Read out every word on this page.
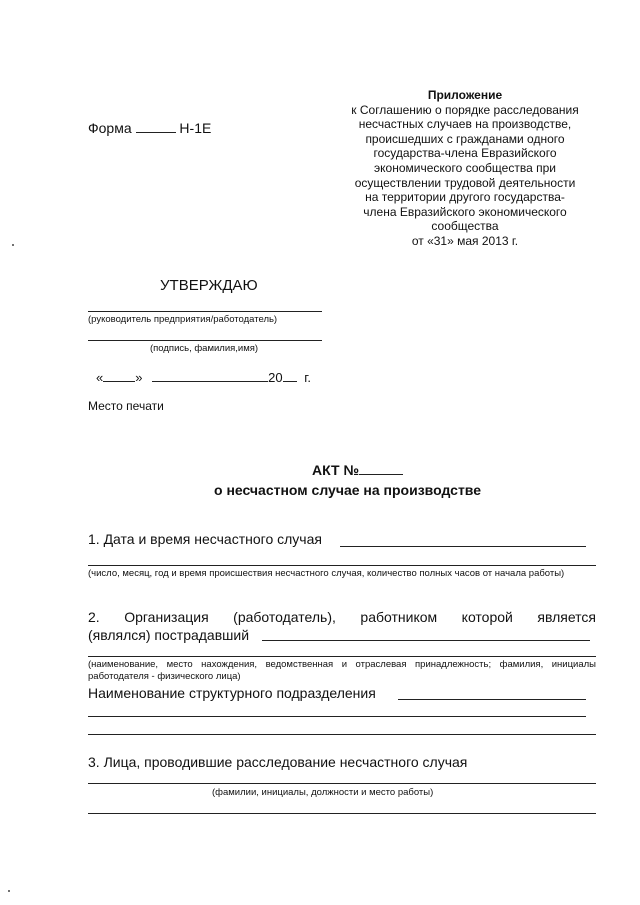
Приложение
к Соглашению о порядке расследования
несчастных случаев на производстве,
происшедших с гражданами одного
государства-члена Евразийского
экономического сообщества при
осуществлении трудовой деятельности
на территории другого государства-
члена Евразийского экономического
сообщества
от «31» мая 2013 г.
Форма	Н-1Е
УТВЕРЖДАЮ
(руководитель предприятия/работодатель)
(подпись, фамилия,имя)
« »	20 г.
Место печати
АКТ №
о несчастном случае на производстве
1. Дата и время несчастного случая
(число, месяц, год и время происшествия несчастного случая, количество полных часов от начала работы)
2. Организация (работодатель), работником которой является
(являлся) пострадавший
(наименование, место нахождения, ведомственная и отраслевая принадлежность; фамилия, инициалы работодателя - физического лица)
Наименование структурного подразделения
3. Лица, проводившие расследование несчастного случая
(фамилии, инициалы, должности и место работы)
